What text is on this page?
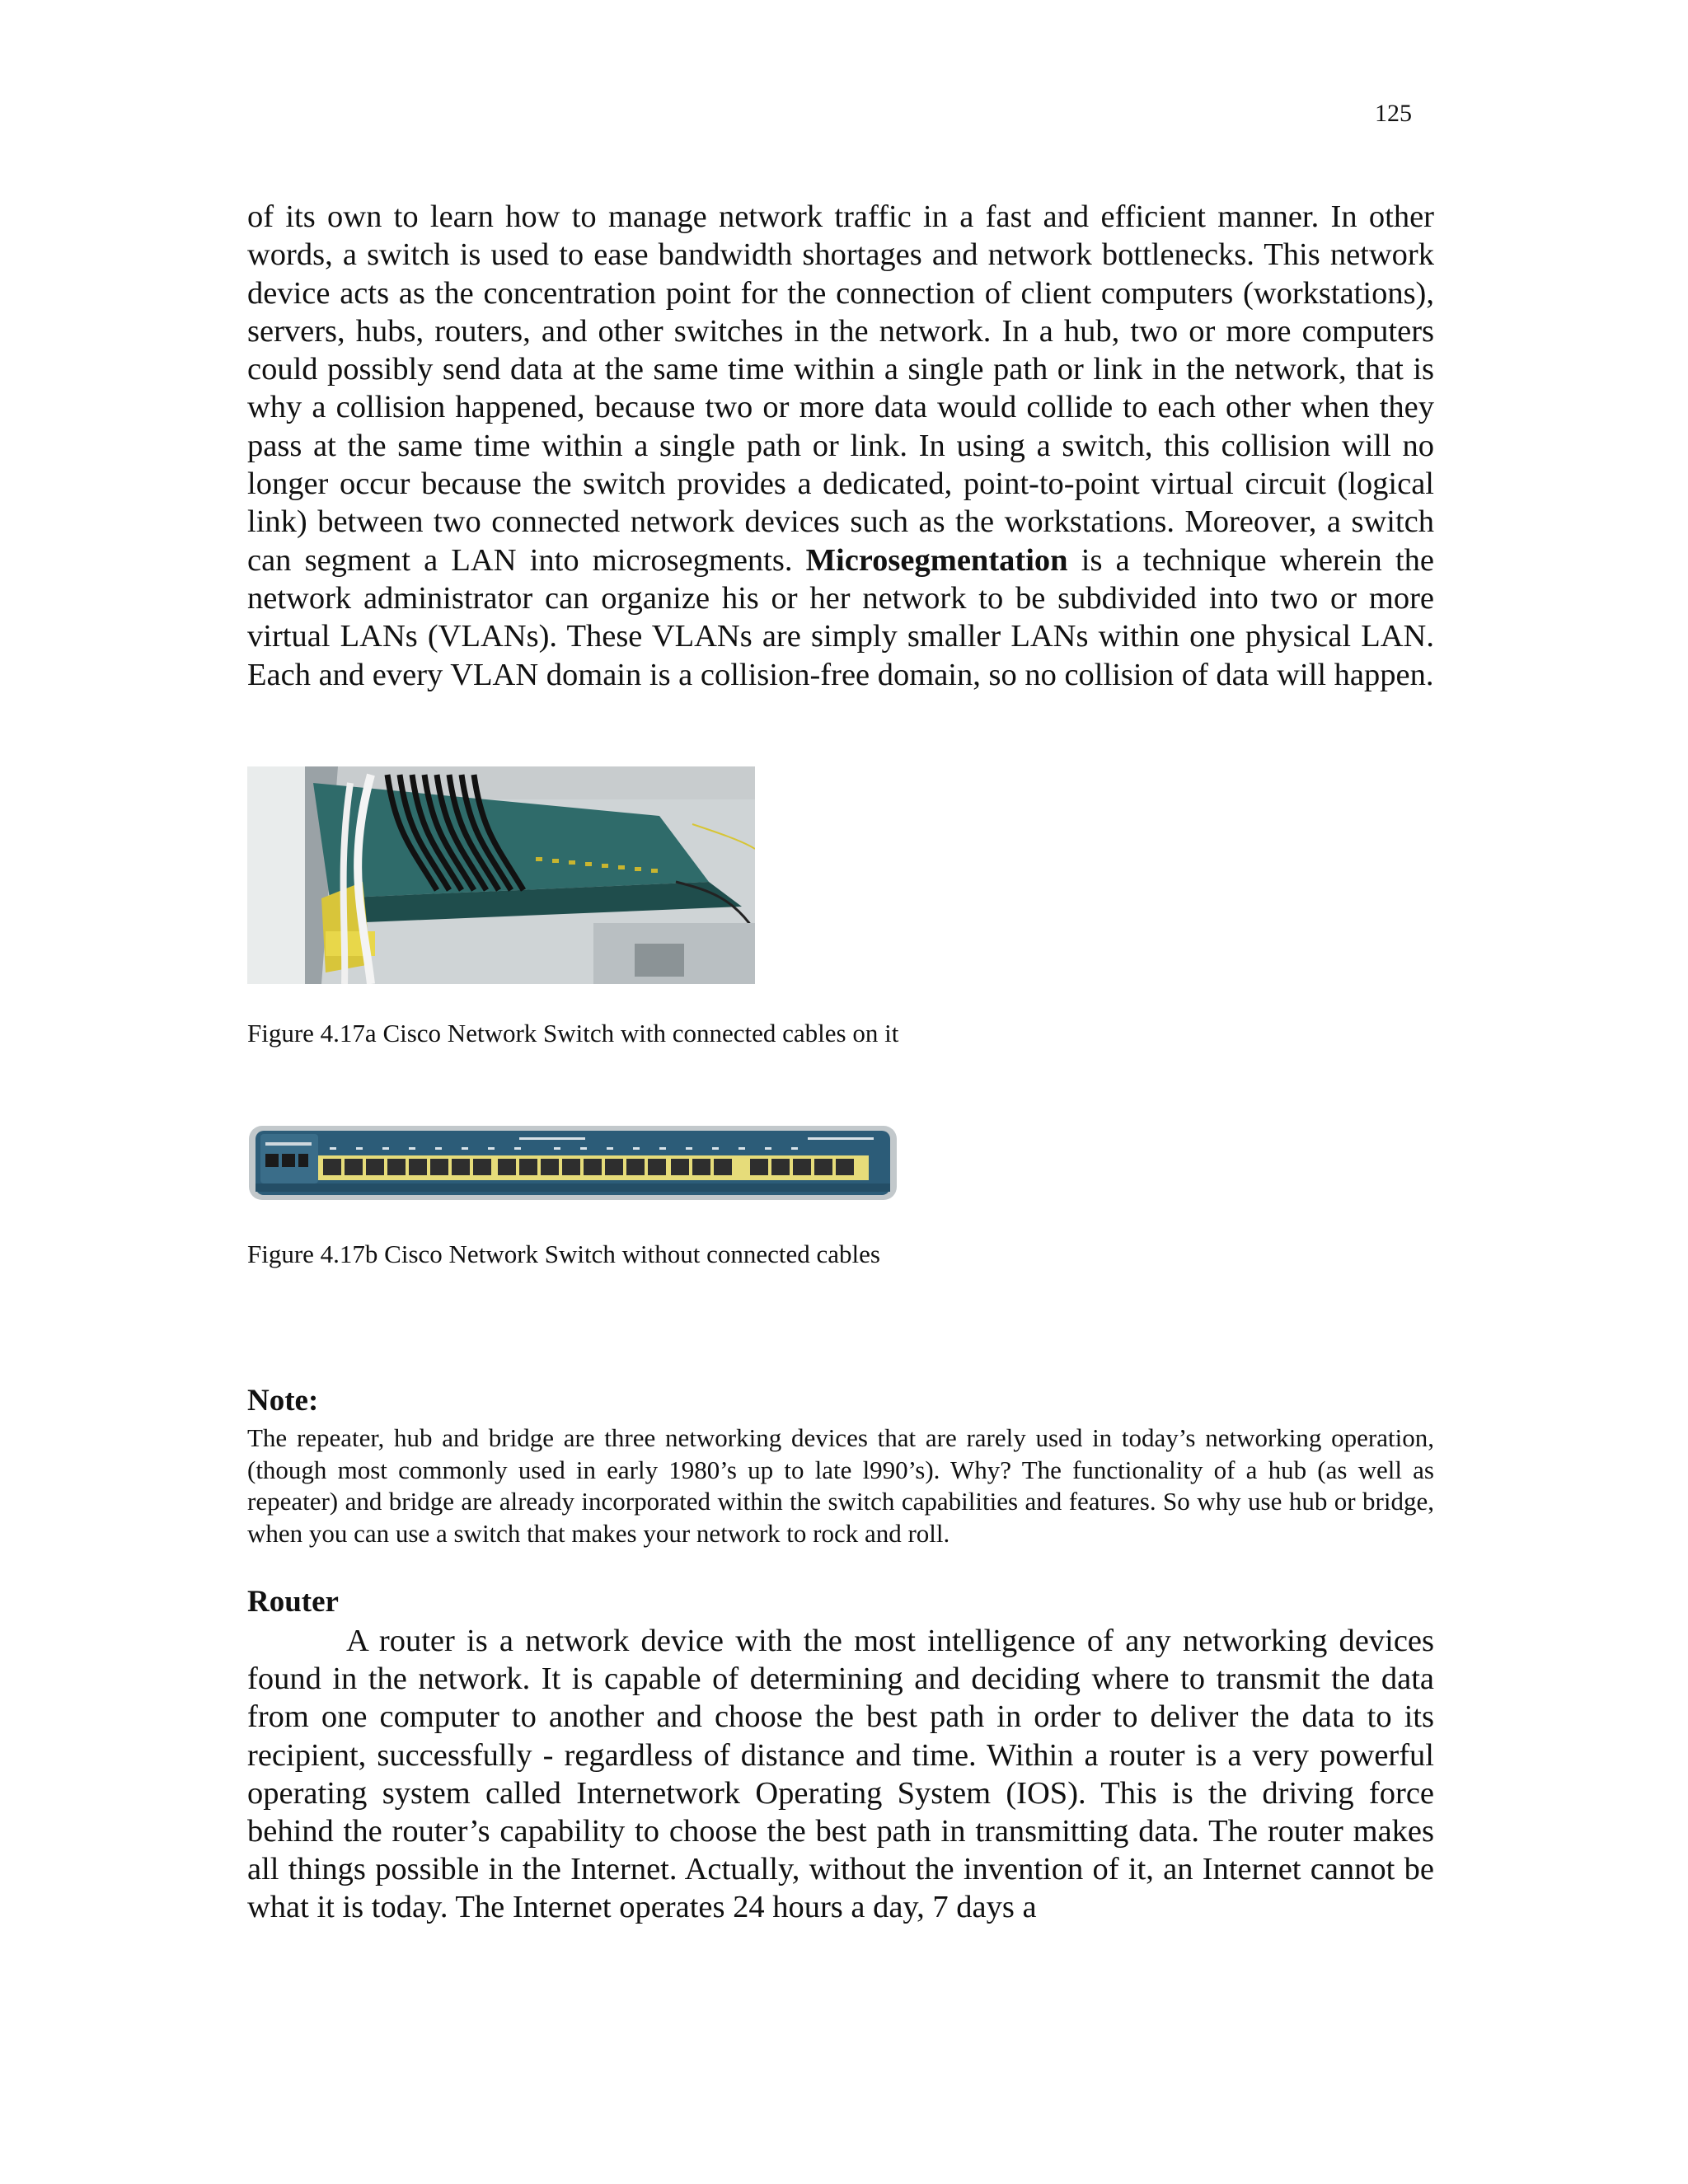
125

of its own to learn how to manage network traffic in a fast and efficient manner. In other words, a switch is used to ease bandwidth shortages and network bottlenecks. This network device acts as the concentration point for the connection of client computers (workstations), servers, hubs, routers, and other switches in the network. In a hub, two or more computers could possibly send data at the same time within a single path or link in the network, that is why a collision happened, because two or more data would collide to each other when they pass at the same time within a single path or link. In using a switch, this collision will no longer occur because the switch provides a dedicated, point-to-point virtual circuit (logical link) between two connected network devices such as the workstations. Moreover, a switch can segment a LAN into microsegments. Microsegmentation is a technique wherein the network administrator can organize his or her network to be subdivided into two or more virtual LANs (VLANs). These VLANs are simply smaller LANs within one physical LAN. Each and every VLAN domain is a collision-free domain, so no collision of data will happen.

Figure 4.17a Cisco Network Switch with connected cables on it
Figure 4.17b Cisco Network Switch without connected cables
Note:

The repeater, hub and bridge are three networking devices that are rarely used in today’s networking operation, (though most commonly used in early 1980’s up to late l990’s). Why? The functionality of a hub (as well as repeater) and bridge are already incorporated within the switch capabilities and features. So why use hub or bridge, when you can use a switch that makes your network to rock and roll.

Router

A router is a network device with the most intelligence of any networking devices found in the network. It is capable of determining and deciding where to transmit the data from one computer to another and choose the best path in order to deliver the data to its recipient, successfully - regardless of distance and time. Within a router is a very powerful operating system called Internetwork Operating System (IOS). This is the driving force behind the router’s capability to choose the best path in transmitting data. The router makes all things possible in the Internet. Actually, without the invention of it, an Internet cannot be what it is today. The Internet operates 24 hours a day, 7 days a
